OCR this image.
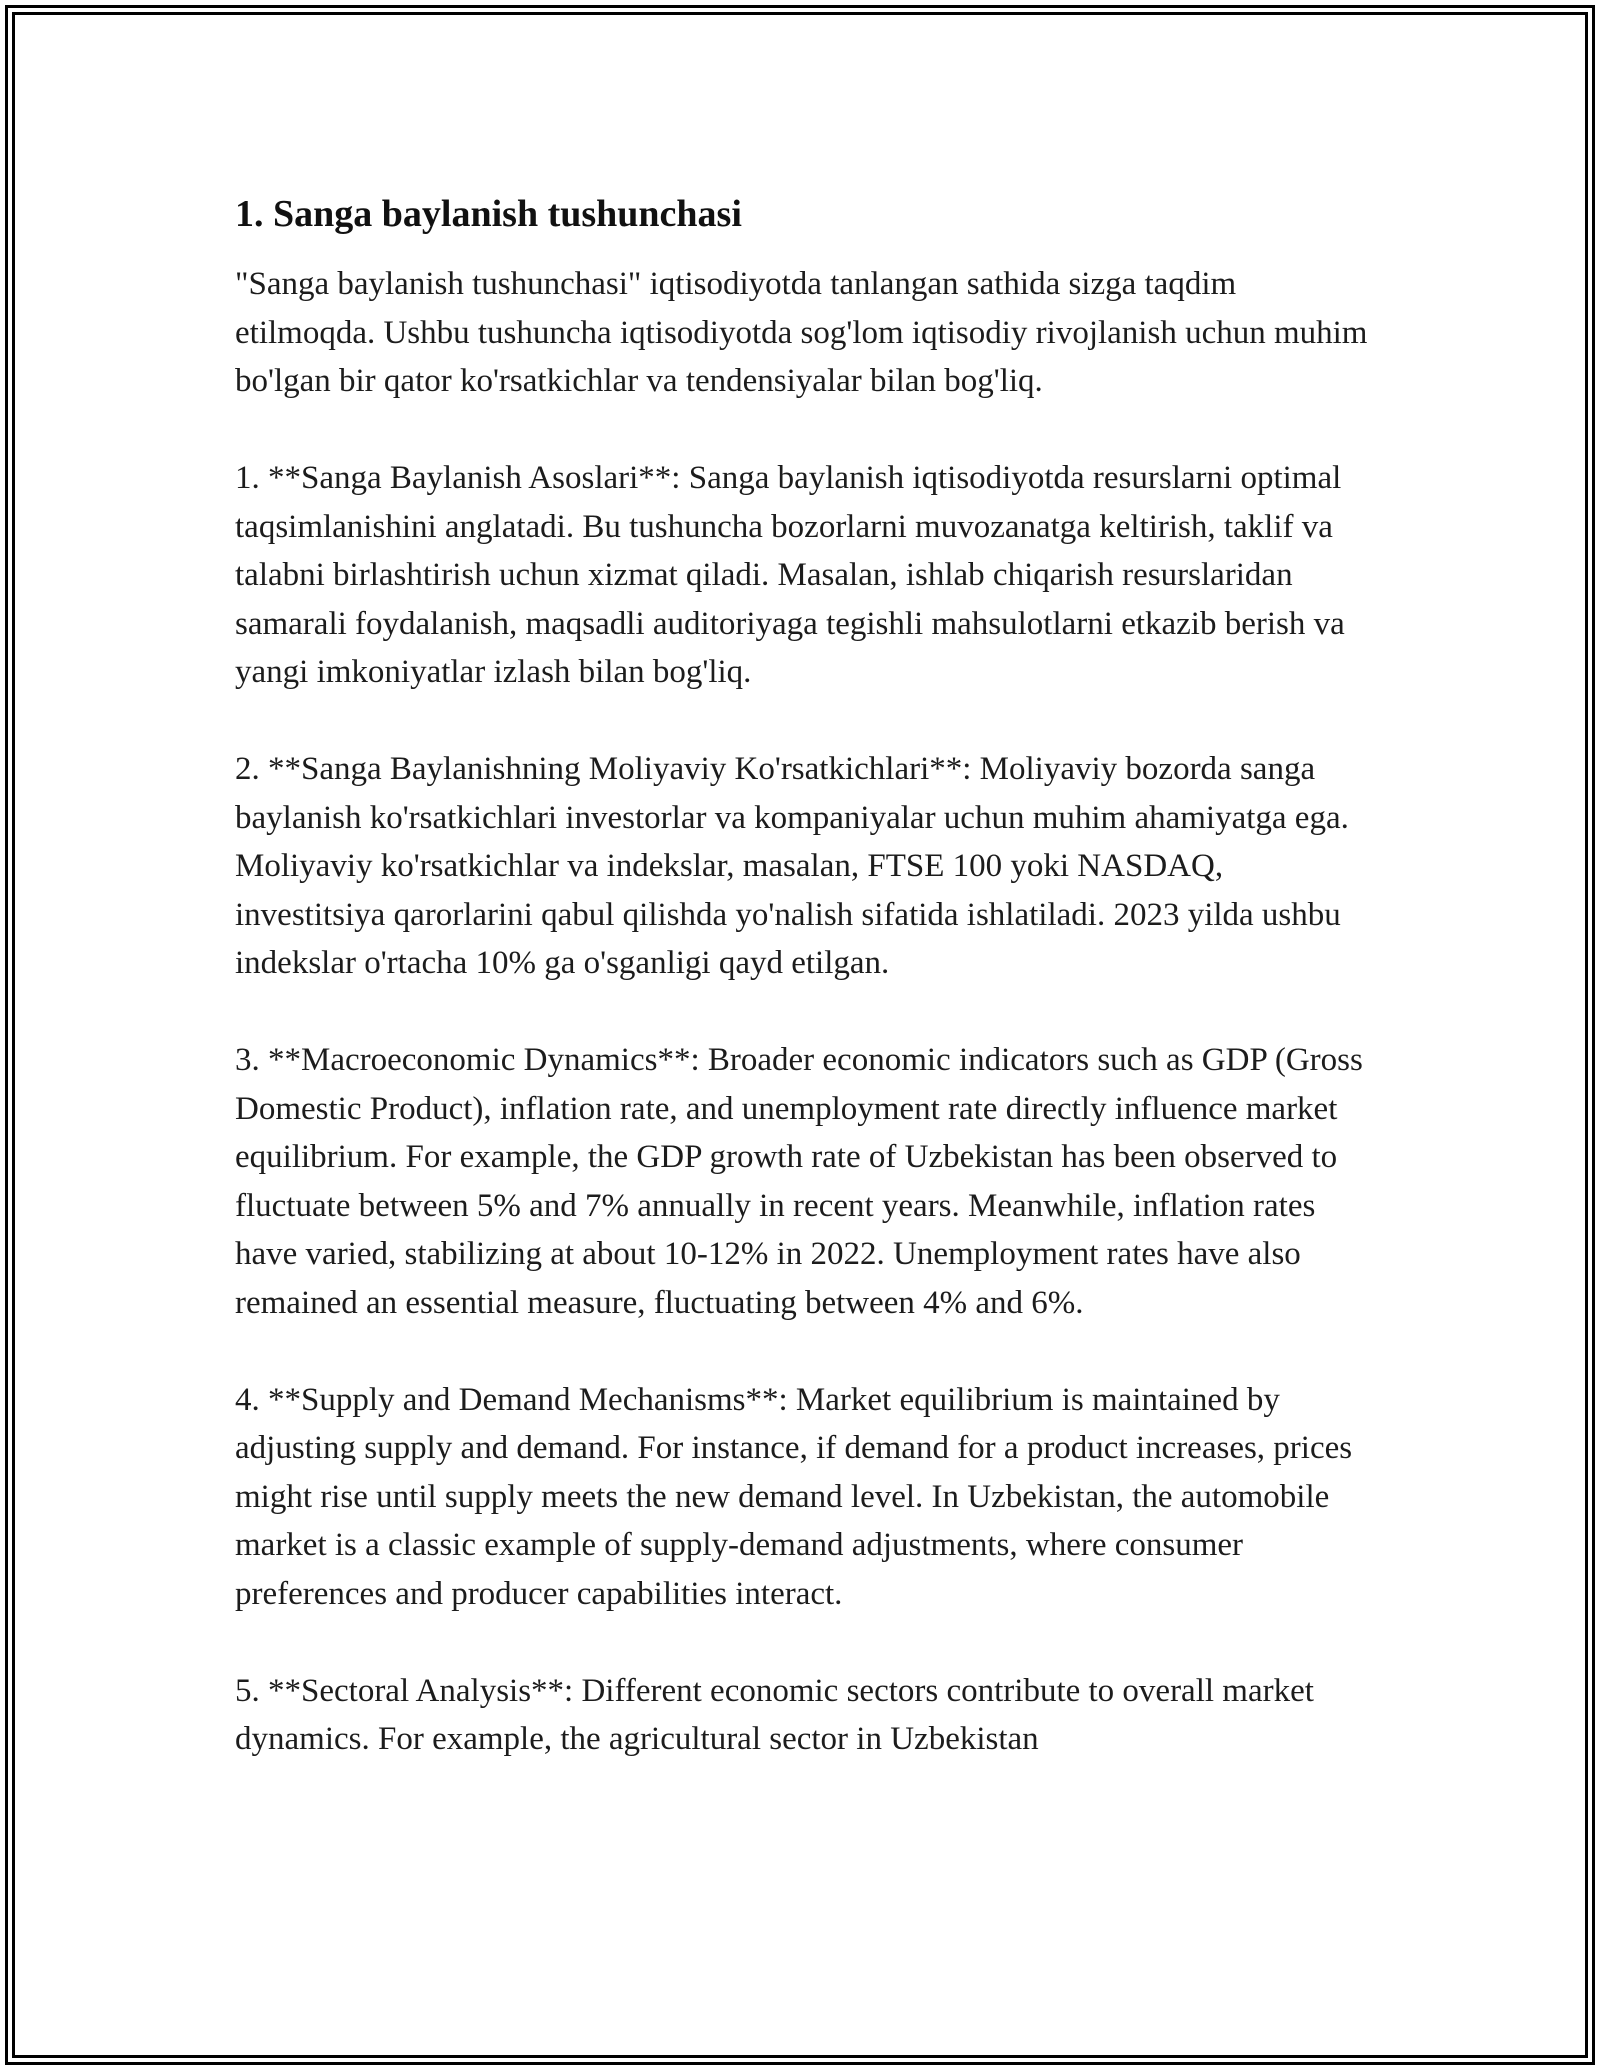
1. Sanga baylanish tushunchasi

"Sanga baylanish tushunchasi" iqtisodiyotda tanlangan sathida sizga taqdim etilmoqda. Ushbu tushuncha iqtisodiyotda sog'lom iqtisodiy rivojlanish uchun muhim bo'lgan bir qator ko'rsatkichlar va tendensiyalar bilan bog'liq.

1. **Sanga Baylanish Asoslari**: Sanga baylanish iqtisodiyotda resurslarni optimal taqsimlanishini anglatadi. Bu tushuncha bozorlarni muvozanatga keltirish, taklif va talabni birlashtirish uchun xizmat qiladi. Masalan, ishlab chiqarish resurslaridan samarali foydalanish, maqsadli auditoriyaga tegishli mahsulotlarni etkazib berish va yangi imkoniyatlar izlash bilan bog'liq.

2. **Sanga Baylanishning Moliyaviy Ko'rsatkichlari**: Moliyaviy bozorda sanga baylanish ko'rsatkichlari investorlar va kompaniyalar uchun muhim ahamiyatga ega. Moliyaviy ko'rsatkichlar va indekslar, masalan, FTSE 100 yoki NASDAQ, investitsiya qarorlarini qabul qilishda yo'nalish sifatida ishlatiladi. 2023 yilda ushbu indekslar o'rtacha 10% ga o'sganligi qayd etilgan.

3. **Macroeconomic Dynamics**: Broader economic indicators such as GDP (Gross Domestic Product), inflation rate, and unemployment rate directly influence market equilibrium. For example, the GDP growth rate of Uzbekistan has been observed to fluctuate between 5% and 7% annually in recent years. Meanwhile, inflation rates have varied, stabilizing at about 10-12% in 2022. Unemployment rates have also remained an essential measure, fluctuating between 4% and 6%.

4. **Supply and Demand Mechanisms**: Market equilibrium is maintained by adjusting supply and demand. For instance, if demand for a product increases, prices might rise until supply meets the new demand level. In Uzbekistan, the automobile market is a classic example of supply-demand adjustments, where consumer preferences and producer capabilities interact.

5. **Sectoral Analysis**: Different economic sectors contribute to overall market dynamics. For example, the agricultural sector in Uzbekistan
